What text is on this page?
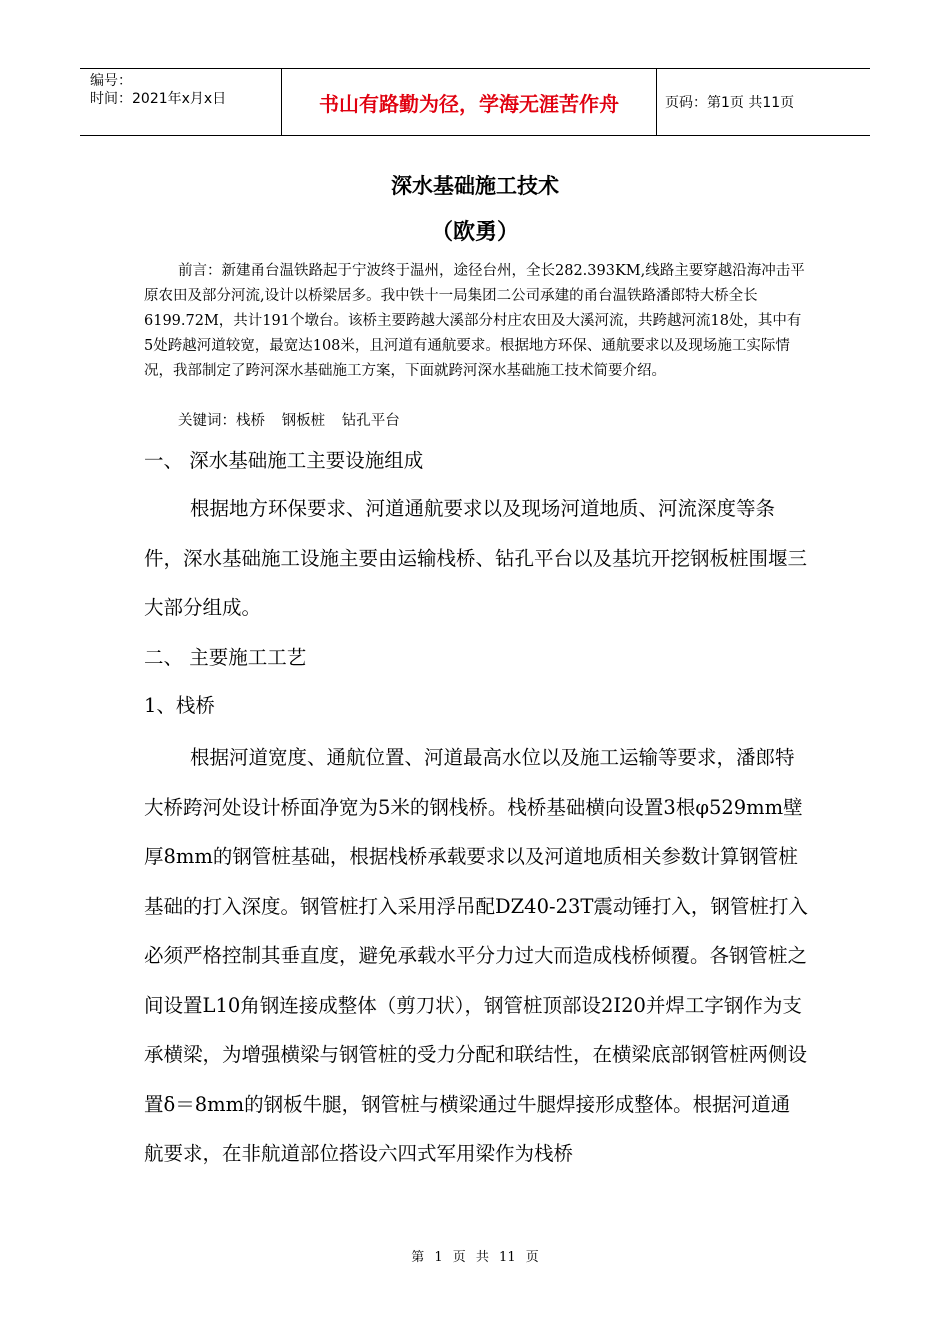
编号：
时间：2021年x月x日	书山有路勤为径，学海无涯苦作舟	页码：第1页 共11页
深水基础施工技术
（欧勇）
前言：新建甬台温铁路起于宁波终于温州，途径台州，全长282.393KM,线路主要穿越沿海冲击平原农田及部分河流,设计以桥梁居多。我中铁十一局集团二公司承建的甬台温铁路潘郎特大桥全长6199.72M，共计191个墩台。该桥主要跨越大溪部分村庄农田及大溪河流，共跨越河流18处，其中有5处跨越河道较宽，最宽达108米，且河道有通航要求。根据地方环保、通航要求以及现场施工实际情况，我部制定了跨河深水基础施工方案，下面就跨河深水基础施工技术简要介绍。
关键词：栈桥 钢板桩 钻孔平台
一、 深水基础施工主要设施组成
根据地方环保要求、河道通航要求以及现场河道地质、河流深度等条件，深水基础施工设施主要由运输栈桥、钻孔平台以及基坑开挖钢板桩围堰三大部分组成。
二、 主要施工工艺
1、栈桥
根据河道宽度、通航位置、河道最高水位以及施工运输等要求，潘郎特大桥跨河处设计桥面净宽为5米的钢栈桥。栈桥基础横向设置3根φ529mm壁厚8mm的钢管桩基础，根据栈桥承载要求以及河道地质相关参数计算钢管桩基础的打入深度。钢管桩打入采用浮吊配DZ40-23T震动锤打入，钢管桩打入必须严格控制其垂直度，避免承载水平分力过大而造成栈桥倾覆。各钢管桩之间设置L10角钢连接成整体（剪刀状），钢管桩顶部设2I20并焊工字钢作为支承横梁，为增强横梁与钢管桩的受力分配和联结性，在横梁底部钢管桩两侧设置δ＝8mm的钢板牛腿，钢管桩与横梁通过牛腿焊接形成整体。根据河道通航要求，在非航道部位搭设六四式军用梁作为栈桥
第 1 页 共 11 页
